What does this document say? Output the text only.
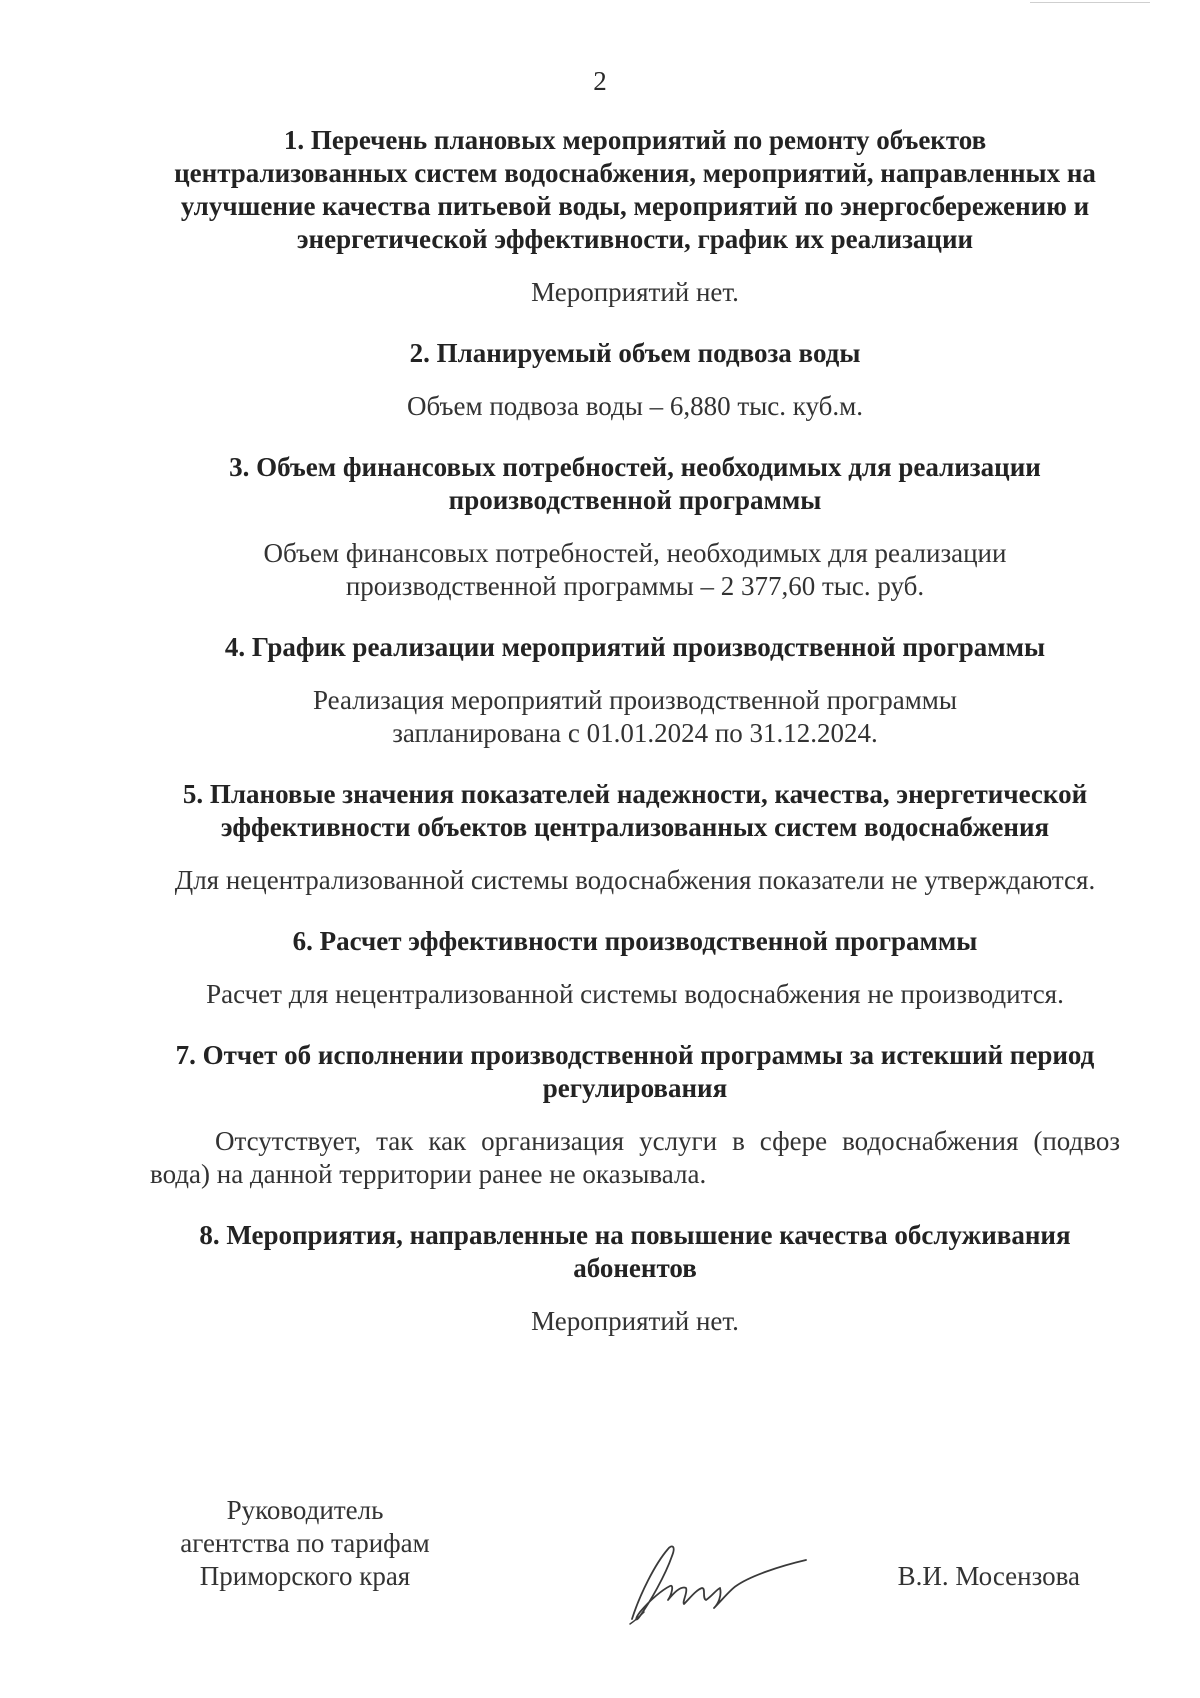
2

1. Перечень плановых мероприятий по ремонту объектов
централизованных систем водоснабжения, мероприятий, направленных на
улучшение качества питьевой воды, мероприятий по энергосбережению и
энергетической эффективности, график их реализации

Мероприятий нет.

2. Планируемый объем подвоза воды

Объем подвоза воды – 6,880 тыс. куб.м.

3. Объем финансовых потребностей, необходимых для реализации
производственной программы

Объем финансовых потребностей, необходимых для реализации
производственной программы – 2 377,60 тыс. руб.

4. График реализации мероприятий производственной программы

Реализация мероприятий производственной программы
запланирована с 01.01.2024 по 31.12.2024.

5. Плановые значения показателей надежности, качества, энергетической
эффективности объектов централизованных систем водоснабжения

Для нецентрализованной системы водоснабжения показатели не утверждаются.

6. Расчет эффективности производственной программы

Расчет для нецентрализованной системы водоснабжения не производится.

7. Отчет об исполнении производственной программы за истекший период
регулирования

Отсутствует, так как организация услуги в сфере водоснабжения (подвоз вода) на данной территории ранее не оказывала.

8. Мероприятия, направленные на повышение качества обслуживания
абонентов

Мероприятий нет.

Руководитель
агентства по тарифам
Приморского края	В.И. Мосензова
